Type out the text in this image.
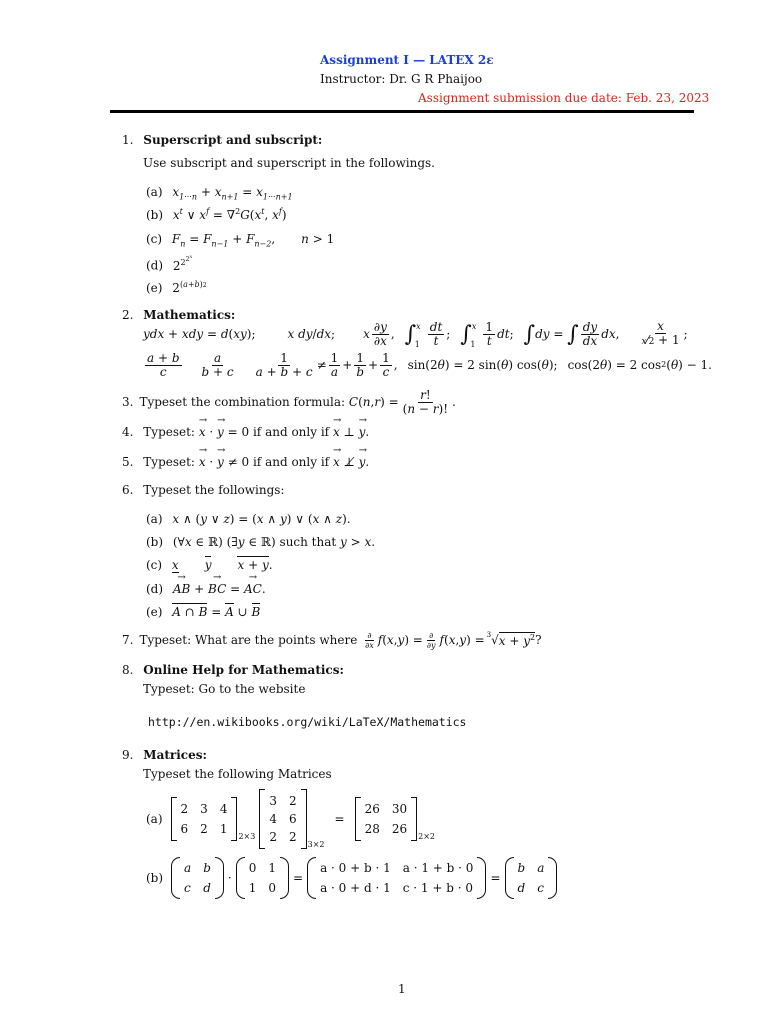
Assignment I — LATEX 2ε
Instructor: Dr. G R Phaijoo
Assignment submission due date: Feb. 23, 2023
1. Superscript and subscript:
Use subscript and superscript in the followings.
(a) $x_{1\cdot\cdot\cdot n} + x_{n+1} = x_{1\cdot\cdot\cdot n+1}$
(b) $x^t$ ∨ $x^f = \nabla^2G(x^t$, $x^f$)
(c) $F_n = F_{n-1} + F_{n-2}$, n > 1
(d) $2^{2^{2^x}}$
(e) $2^{(a+b)2}$
2. Mathematics:
ydx + xdy = d ( xy );	x dy / dx ; x $\frac{\partial y}{\partial x}$ , ∫ x
$1 \frac{dt}{t}$ ; ∫ x
$1 \frac{1}{t}$ dt ; ∫ dy = ∫ $\frac{dy}{dx}$ dx , $\frac{x}{x⁄2 + 1}$ ;
$\frac{a + b}{c} \frac{a}{b + c} \frac{1}{a + b + c} \ne \frac{1}{a} + \frac{1}{b} + \frac{1}{c}$ ,
sin(2 θ ) = 2 sin( θ ) cos( θ );
cos(2 θ ) = 2 cos 2 ( θ ) − 1.
3. Typeset the combination formula:
C ( n , r ) = $\frac{r!}{(n - r)!}$ .
4. Typeset: → x · → y = 0 if and only if → x ⊥ → y.
5. Typeset: → x · → y ≠ 0 if and only if → x ⊥̸ → y.
6. Typeset the followings:
(a) x ∧ (y ∨ z) = (x ∧ y) ∨ (x ∧ z).
(b) (∀x ∈ ℝ) (∃y ∈ ℝ) such that y > x.
(c) x y x + y.
(d) → AB + → BC = → AC.
(e) A ∩ B = A ∪ B
7. Typeset: What are the points where
$\frac{\partial}{\partial x}$ f ( x , y ) = $\frac{\partial}{\partial y}$ f ( x , y ) = 3 √ $x + y^2$ ?
8. Online Help for Mathematics:
Typeset: Go to the website
http://en.wikibooks.org/wiki/LaTeX/Mathematics
9. Matrices:
Typeset the following Matrices
(a)
2 3 4
6 2 1
2×3
3 2
4 6
2 2
3×2
=
26 30
28 26
2×2
(b)
a b
c d
·
0 1
1 0
=
a · 0 + b · 1 a · 1 + b · 0
a · 0 + d · 1 c · 1 + b · 0
=
b a
d c
1
